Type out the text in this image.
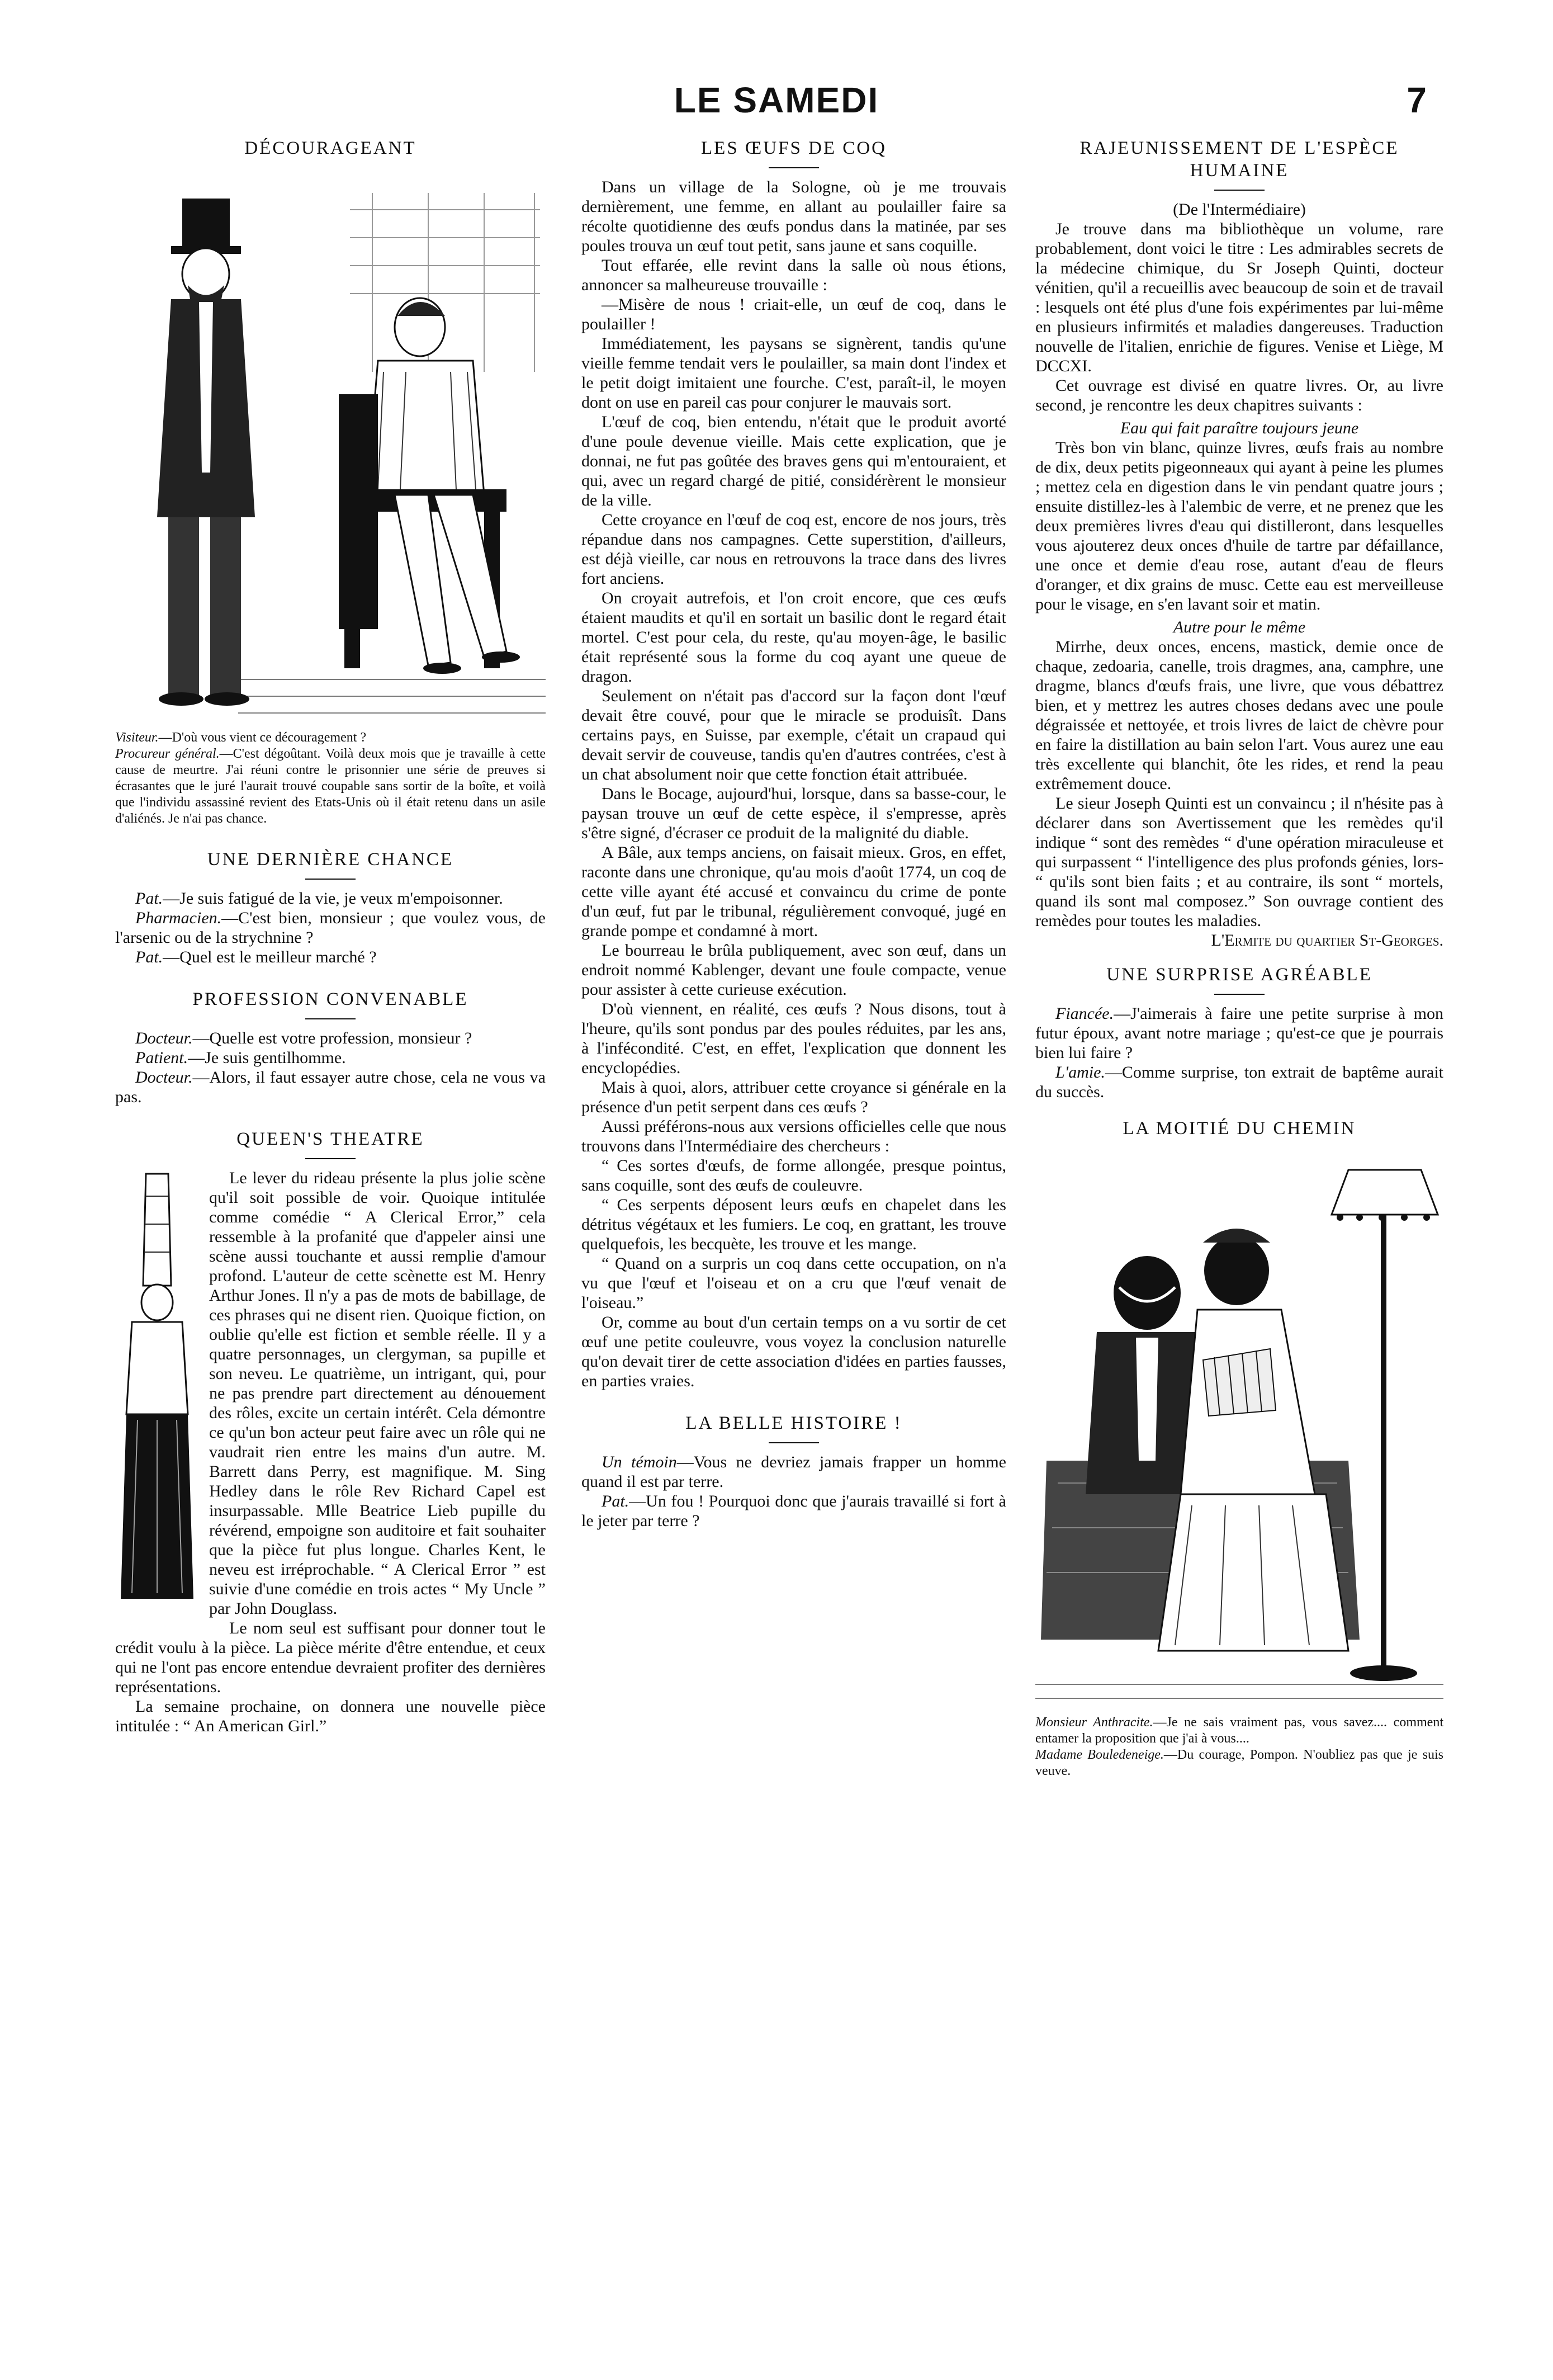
LE SAMEDI	7
DÉCOURAGEANT

Visiteur.—D'où vous vient ce découragement ?

Procureur général.—C'est dégoûtant. Voilà deux mois que je travaille à cette cause de meurtre. J'ai réuni contre le prisonnier une série de preuves si écrasantes que le juré l'aurait trouvé coupable sans sortir de la boîte, et voilà que l'individu assassiné revient des Etats-Unis où il était retenu dans un asile d'aliénés. Je n'ai pas chance.

UNE DERNIÈRE CHANCE

Pat.—Je suis fatigué de la vie, je veux m'empoisonner.

Pharmacien.—C'est bien, monsieur ; que voulez vous, de l'arsenic ou de la strychnine ?

Pat.—Quel est le meilleur marché ?

PROFESSION CONVENABLE

Docteur.—Quelle est votre profession, monsieur ?

Patient.—Je suis gentilhomme.

Docteur.—Alors, il faut essayer autre chose, cela ne vous va pas.

QUEEN'S THEATRE

Le lever du rideau présente la plus jolie scène qu'il soit possible de voir. Quoique intitulée comme comédie “ A Clerical Error,” cela ressemble à la profanité que d'appeler ainsi une scène aussi touchante et aussi remplie d'amour profond. L'auteur de cette scènette est M. Henry Arthur Jones. Il n'y a pas de mots de babillage, de ces phrases qui ne disent rien. Quoique fiction, on oublie qu'elle est fiction et semble réelle. Il y a quatre personnages, un clergyman, sa pupille et son neveu. Le quatrième, un intrigant, qui, pour ne pas prendre part directement au dénouement des rôles, excite un certain intérêt. Cela démontre ce qu'un bon acteur peut faire avec un rôle qui ne vaudrait rien entre les mains d'un autre. M. Barrett dans Perry, est magnifique. M. Sing Hedley dans le rôle Rev Richard Capel est insurpassable. Mlle Beatrice Lieb pupille du révérend, empoigne son auditoire et fait souhaiter que la pièce fut plus longue. Charles Kent, le neveu est irréprochable. “ A Clerical Error ” est suivie d'une comédie en trois actes “ My Uncle ” par John Douglass.

Le nom seul est suffisant pour donner tout le crédit voulu à la pièce. La pièce mérite d'être entendue, et ceux qui ne l'ont pas encore entendue devraient profiter des dernières représentations.

La semaine prochaine, on donnera une nouvelle pièce intitulée : “ An American Girl.”

LES ŒUFS DE COQ

Dans un village de la Sologne, où je me trouvais dernièrement, une femme, en allant au poulailler faire sa récolte quotidienne des œufs pondus dans la matinée, par ses poules trouva un œuf tout petit, sans jaune et sans coquille.

Tout effarée, elle revint dans la salle où nous étions, annoncer sa malheureuse trouvaille :

—Misère de nous ! criait-elle, un œuf de coq, dans le poulailler !

Immédiatement, les paysans se signèrent, tandis qu'une vieille femme tendait vers le poulailler, sa main dont l'index et le petit doigt imitaient une fourche. C'est, paraît-il, le moyen dont on use en pareil cas pour conjurer le mauvais sort.

L'œuf de coq, bien entendu, n'était que le produit avorté d'une poule devenue vieille. Mais cette explication, que je donnai, ne fut pas goûtée des braves gens qui m'entouraient, et qui, avec un regard chargé de pitié, considérèrent le monsieur de la ville.

Cette croyance en l'œuf de coq est, encore de nos jours, très répandue dans nos campagnes. Cette superstition, d'ailleurs, est déjà vieille, car nous en retrouvons la trace dans des livres fort anciens.

On croyait autrefois, et l'on croit encore, que ces œufs étaient maudits et qu'il en sortait un basilic dont le regard était mortel. C'est pour cela, du reste, qu'au moyen-âge, le basilic était représenté sous la forme du coq ayant une queue de dragon.

Seulement on n'était pas d'accord sur la façon dont l'œuf devait être couvé, pour que le miracle se produisît. Dans certains pays, en Suisse, par exemple, c'était un crapaud qui devait servir de couveuse, tandis qu'en d'autres contrées, c'est à un chat absolument noir que cette fonction était attribuée.

Dans le Bocage, aujourd'hui, lorsque, dans sa basse-cour, le paysan trouve un œuf de cette espèce, il s'empresse, après s'être signé, d'écraser ce produit de la malignité du diable.

A Bâle, aux temps anciens, on faisait mieux. Gros, en effet, raconte dans une chronique, qu'au mois d'août 1774, un coq de cette ville ayant été accusé et convaincu du crime de ponte d'un œuf, fut par le tribunal, régulièrement convoqué, jugé en grande pompe et condamné à mort.

Le bourreau le brûla publiquement, avec son œuf, dans un endroit nommé Kablenger, devant une foule compacte, venue pour assister à cette curieuse exécution.

D'où viennent, en réalité, ces œufs ? Nous disons, tout à l'heure, qu'ils sont pondus par des poules réduites, par les ans, à l'infécondité. C'est, en effet, l'explication que donnent les encyclopédies.

Mais à quoi, alors, attribuer cette croyance si générale en la présence d'un petit serpent dans ces œufs ?

Aussi préférons-nous aux versions officielles celle que nous trouvons dans l'Intermédiaire des chercheurs :

“ Ces sortes d'œufs, de forme allongée, presque pointus, sans coquille, sont des œufs de couleuvre.

“ Ces serpents déposent leurs œufs en chapelet dans les détritus végétaux et les fumiers. Le coq, en grattant, les trouve quelquefois, les becquète, les trouve et les mange.

“ Quand on a surpris un coq dans cette occupation, on n'a vu que l'œuf et l'oiseau et on a cru que l'œuf venait de l'oiseau.”

Or, comme au bout d'un certain temps on a vu sortir de cet œuf une petite couleuvre, vous voyez la conclusion naturelle qu'on devait tirer de cette association d'idées en parties fausses, en parties vraies.

LA BELLE HISTOIRE !

Un témoin—Vous ne devriez jamais frapper un homme quand il est par terre.

Pat.—Un fou ! Pourquoi donc que j'aurais travaillé si fort à le jeter par terre ?

RAJEUNISSEMENT DE L'ESPÈCE HUMAINE

(De l'Intermédiaire)

Je trouve dans ma bibliothèque un volume, rare probablement, dont voici le titre : Les admirables secrets de la médecine chimique, du Sr Joseph Quinti, docteur vénitien, qu'il a recueillis avec beaucoup de soin et de travail : lesquels ont été plus d'une fois expérimentes par lui-même en plusieurs infirmités et maladies dangereuses. Traduction nouvelle de l'italien, enrichie de figures. Venise et Liège, M DCCXI.

Cet ouvrage est divisé en quatre livres. Or, au livre second, je rencontre les deux chapitres suivants :

Eau qui fait paraître toujours jeune

Très bon vin blanc, quinze livres, œufs frais au nombre de dix, deux petits pigeonneaux qui ayant à peine les plumes ; mettez cela en digestion dans le vin pendant quatre jours ; ensuite distillez-les à l'alembic de verre, et ne prenez que les deux premières livres d'eau qui distilleront, dans lesquelles vous ajouterez deux onces d'huile de tartre par défaillance, une once et demie d'eau rose, autant d'eau de fleurs d'oranger, et dix grains de musc. Cette eau est merveilleuse pour le visage, en s'en lavant soir et matin.

Autre pour le même

Mirrhe, deux onces, encens, mastick, demie once de chaque, zedoaria, canelle, trois dragmes, ana, camphre, une dragme, blancs d'œufs frais, une livre, que vous débattrez bien, et y mettrez les autres choses dedans avec une poule dégraissée et nettoyée, et trois livres de laict de chèvre pour en faire la distillation au bain selon l'art. Vous aurez une eau très excellente qui blanchit, ôte les rides, et rend la peau extrêmement douce.

Le sieur Joseph Quinti est un convaincu ; il n'hésite pas à déclarer dans son Avertissement que les remèdes qu'il indique “ sont des remèdes “ d'une opération miraculeuse et qui surpassent “ l'intelligence des plus profonds génies, lors- “ qu'ils sont bien faits ; et au contraire, ils sont “ mortels, quand ils sont mal composez.” Son ouvrage contient des remèdes pour toutes les maladies.

L'Ermite du quartier St-Georges.

UNE SURPRISE AGRÉABLE

Fiancée.—J'aimerais à faire une petite surprise à mon futur époux, avant notre mariage ; qu'est-ce que je pourrais bien lui faire ?

L'amie.—Comme surprise, ton extrait de baptême aurait du succès.

LA MOITIÉ DU CHEMIN

Monsieur Anthracite.—Je ne sais vraiment pas, vous savez.... comment entamer la proposition que j'ai à vous....

Madame Bouledeneige.—Du courage, Pompon. N'oubliez pas que je suis veuve.
